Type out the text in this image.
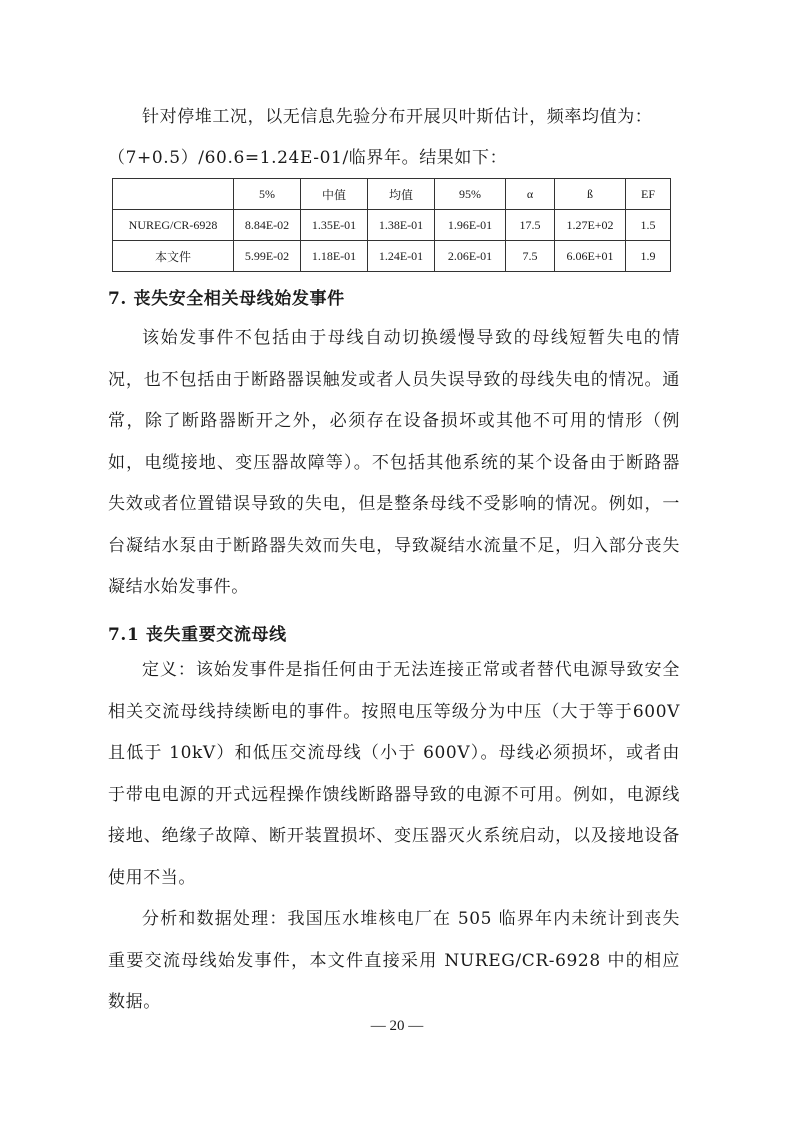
针对停堆工况，以无信息先验分布开展贝叶斯估计，频率均值为：

（7+0.5）/60.6=1.24E-01/临界年。结果如下：

	5%	中值	均值	95%	α	ß	EF
NUREG/CR-6928	8.84E-02	1.35E-01	1.38E-01	1.96E-01	17.5	1.27E+02	1.5
本文件	5.99E-02	1.18E-01	1.24E-01	2.06E-01	7.5	6.06E+01	1.9
7. 丧失安全相关母线始发事件

该始发事件不包括由于母线自动切换缓慢导致的母线短暂失电的情况，也不包括由于断路器误触发或者人员失误导致的母线失电的情况。通常，除了断路器断开之外，必须存在设备损坏或其他不可用的情形（例如，电缆接地、变压器故障等）。不包括其他系统的某个设备由于断路器失效或者位置错误导致的失电，但是整条母线不受影响的情况。例如，一台凝结水泵由于断路器失效而失电，导致凝结水流量不足，归入部分丧失凝结水始发事件。

7.1 丧失重要交流母线

定义：该始发事件是指任何由于无法连接正常或者替代电源导致安全相关交流母线持续断电的事件。按照电压等级分为中压（大于等于600V 且低于 10kV）和低压交流母线（小于 600V）。母线必须损坏，或者由于带电电源的开式远程操作馈线断路器导致的电源不可用。例如，电源线接地、绝缘子故障、断开装置损坏、变压器灭火系统启动，以及接地设备使用不当。

分析和数据处理：我国压水堆核电厂在 505 临界年内未统计到丧失重要交流母线始发事件，本文件直接采用 NUREG/CR-6928 中的相应数据。

— 20 —
